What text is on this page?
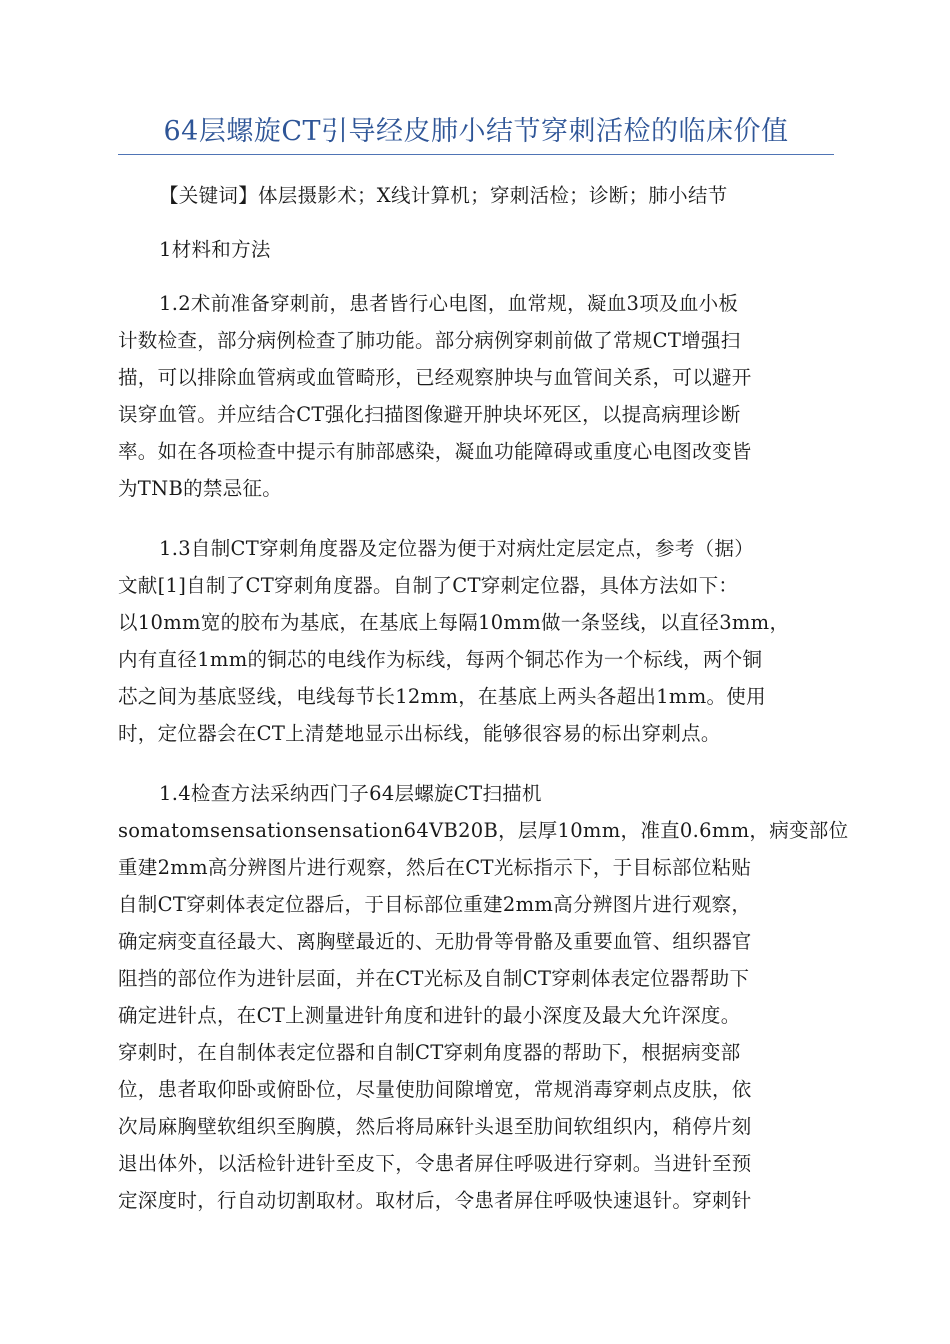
64层螺旋CT引导经皮肺小结节穿刺活检的临床价值
【关键词】体层摄影术；X线计算机；穿刺活检；诊断；肺小结节
1材料和方法
1.2术前准备穿刺前，患者皆行心电图，血常规，凝血3项及血小板
计数检查，部分病例检查了肺功能。部分病例穿刺前做了常规CT增强扫
描，可以排除血管病或血管畸形，已经观察肿块与血管间关系，可以避开
误穿血管。并应结合CT强化扫描图像避开肿块坏死区，以提高病理诊断
率。如在各项检查中提示有肺部感染，凝血功能障碍或重度心电图改变皆
为TNB的禁忌征。
1.3自制CT穿刺角度器及定位器为便于对病灶定层定点，参考（据）
文献[1]自制了CT穿刺角度器。自制了CT穿刺定位器，具体方法如下：
以10mm宽的胶布为基底，在基底上每隔10mm做一条竖线，以直径3mm，
内有直径1mm的铜芯的电线作为标线，每两个铜芯作为一个标线，两个铜
芯之间为基底竖线，电线每节长12mm，在基底上两头各超出1mm。使用
时，定位器会在CT上清楚地显示出标线，能够很容易的标出穿刺点。
1.4检查方法采纳西门子64层螺旋CT扫描机
somatomsensationsensation64VB20B，层厚10mm，准直0.6mm，病变部位
重建2mm高分辨图片进行观察，然后在CT光标指示下，于目标部位粘贴
自制CT穿刺体表定位器后，于目标部位重建2mm高分辨图片进行观察，
确定病变直径最大、离胸壁最近的、无肋骨等骨骼及重要血管、组织器官
阻挡的部位作为进针层面，并在CT光标及自制CT穿刺体表定位器帮助下
确定进针点，在CT上测量进针角度和进针的最小深度及最大允许深度。
穿刺时，在自制体表定位器和自制CT穿刺角度器的帮助下，根据病变部
位，患者取仰卧或俯卧位，尽量使肋间隙增宽，常规消毒穿刺点皮肤，依
次局麻胸壁软组织至胸膜，然后将局麻针头退至肋间软组织内，稍停片刻
退出体外，以活检针进针至皮下，令患者屏住呼吸进行穿刺。当进针至预
定深度时，行自动切割取材。取材后，令患者屏住呼吸快速退针。穿刺针
